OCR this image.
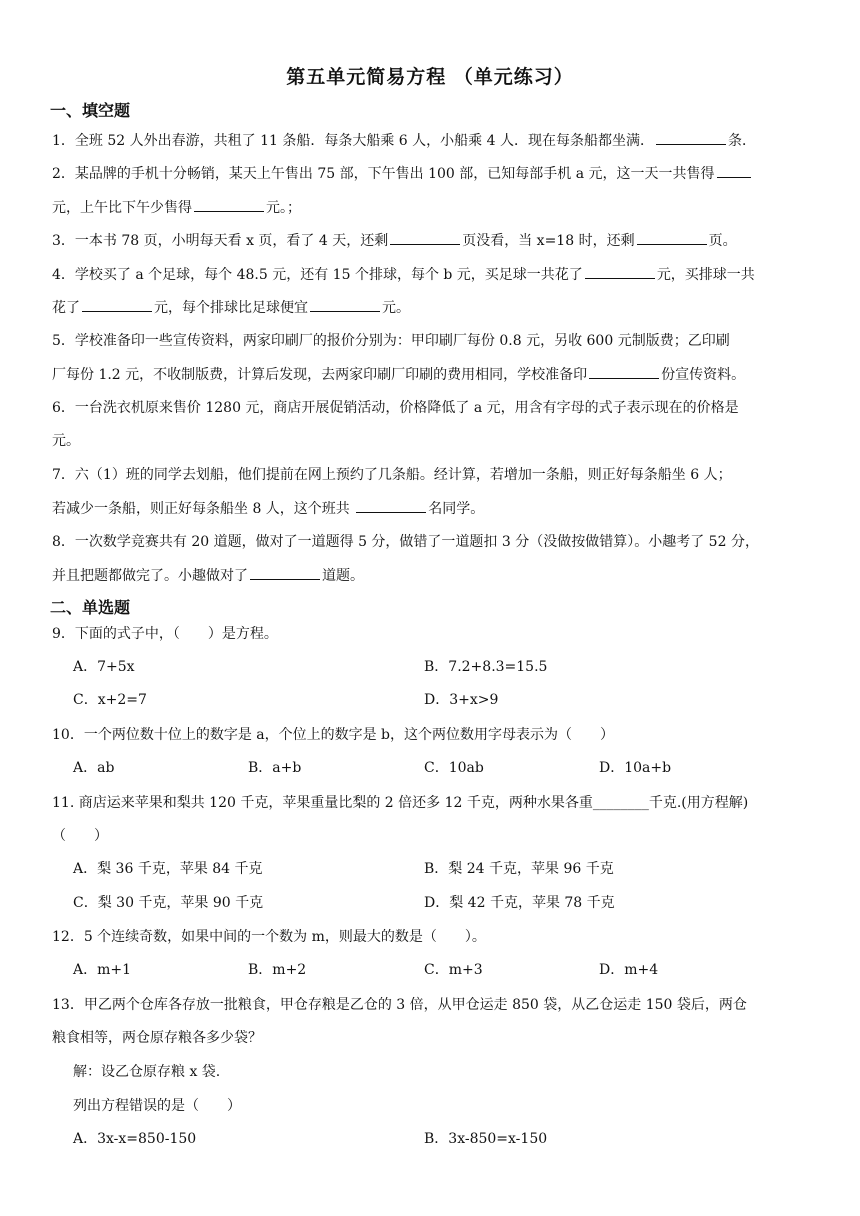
第五单元简易方程 （单元练习）
一、填空题
1．全班 52 人外出春游，共租了 11 条船．每条大船乘 6 人，小船乘 4 人．现在每条船都坐满．	条．
2．某品牌的手机十分畅销，某天上午售出 75 部，下午售出 100 部，已知每部手机 a 元，这一天一共售得
元，上午比下午少售得	元。；
3．一本书 78 页，小明每天看 x 页，看了 4 天，还剩	页没看，当 x=18 时，还剩	页。
4．学校买了 a 个足球，每个 48.5 元，还有 15 个排球，每个 b 元，买足球一共花了	元，买排球一共
花了	元，每个排球比足球便宜	元。
5．学校准备印一些宣传资料，两家印刷厂的报价分别为：甲印刷厂每份 0.8 元，另收 600 元制版费；乙印刷
厂每份 1.2 元，不收制版费，计算后发现，去两家印刷厂印刷的费用相同，学校准备印	份宣传资料。
6．一台洗衣机原来售价 1280 元，商店开展促销活动，价格降低了 a 元，用含有字母的式子表示现在的价格是
元。
7．六（1）班的同学去划船，他们提前在网上预约了几条船。经计算，若增加一条船，则正好每条船坐 6 人；
若减少一条船，则正好每条船坐 8 人，这个班共	名同学。
8．一次数学竞赛共有 20 道题，做对了一道题得 5 分，做错了一道题扣 3 分（没做按做错算）。小趣考了 52 分，
并且把题都做完了。小趣做对了	道题。
二、单选题
9．下面的式子中，（　　）是方程。
A．7+5x	B．7.2+8.3=15.5
C．x+2=7	D．3+x>9
10．一个两位数十位上的数字是 a，个位上的数字是 b，这个两位数用字母表示为（　　）
A．ab	B．a+b	C．10ab	D．10a+b
11. 商店运来苹果和梨共 120 千克，苹果重量比梨的 2 倍还多 12 千克，两种水果各重________千克.(用方程解)
（　　）
A．梨 36 千克，苹果 84 千克	B．梨 24 千克，苹果 96 千克
C．梨 30 千克，苹果 90 千克	D．梨 42 千克，苹果 78 千克
12．5 个连续奇数，如果中间的一个数为 m，则最大的数是（　　）。
A．m+1	B．m+2	C．m+3	D．m+4
13．甲乙两个仓库各存放一批粮食，甲仓存粮是乙仓的 3 倍，从甲仓运走 850 袋，从乙仓运走 150 袋后，两仓
粮食相等，两仓原存粮各多少袋？
解：设乙仓原存粮 x 袋.
列出方程错误的是（　　）
A．3x-x=850-150	B．3x-850=x-150
